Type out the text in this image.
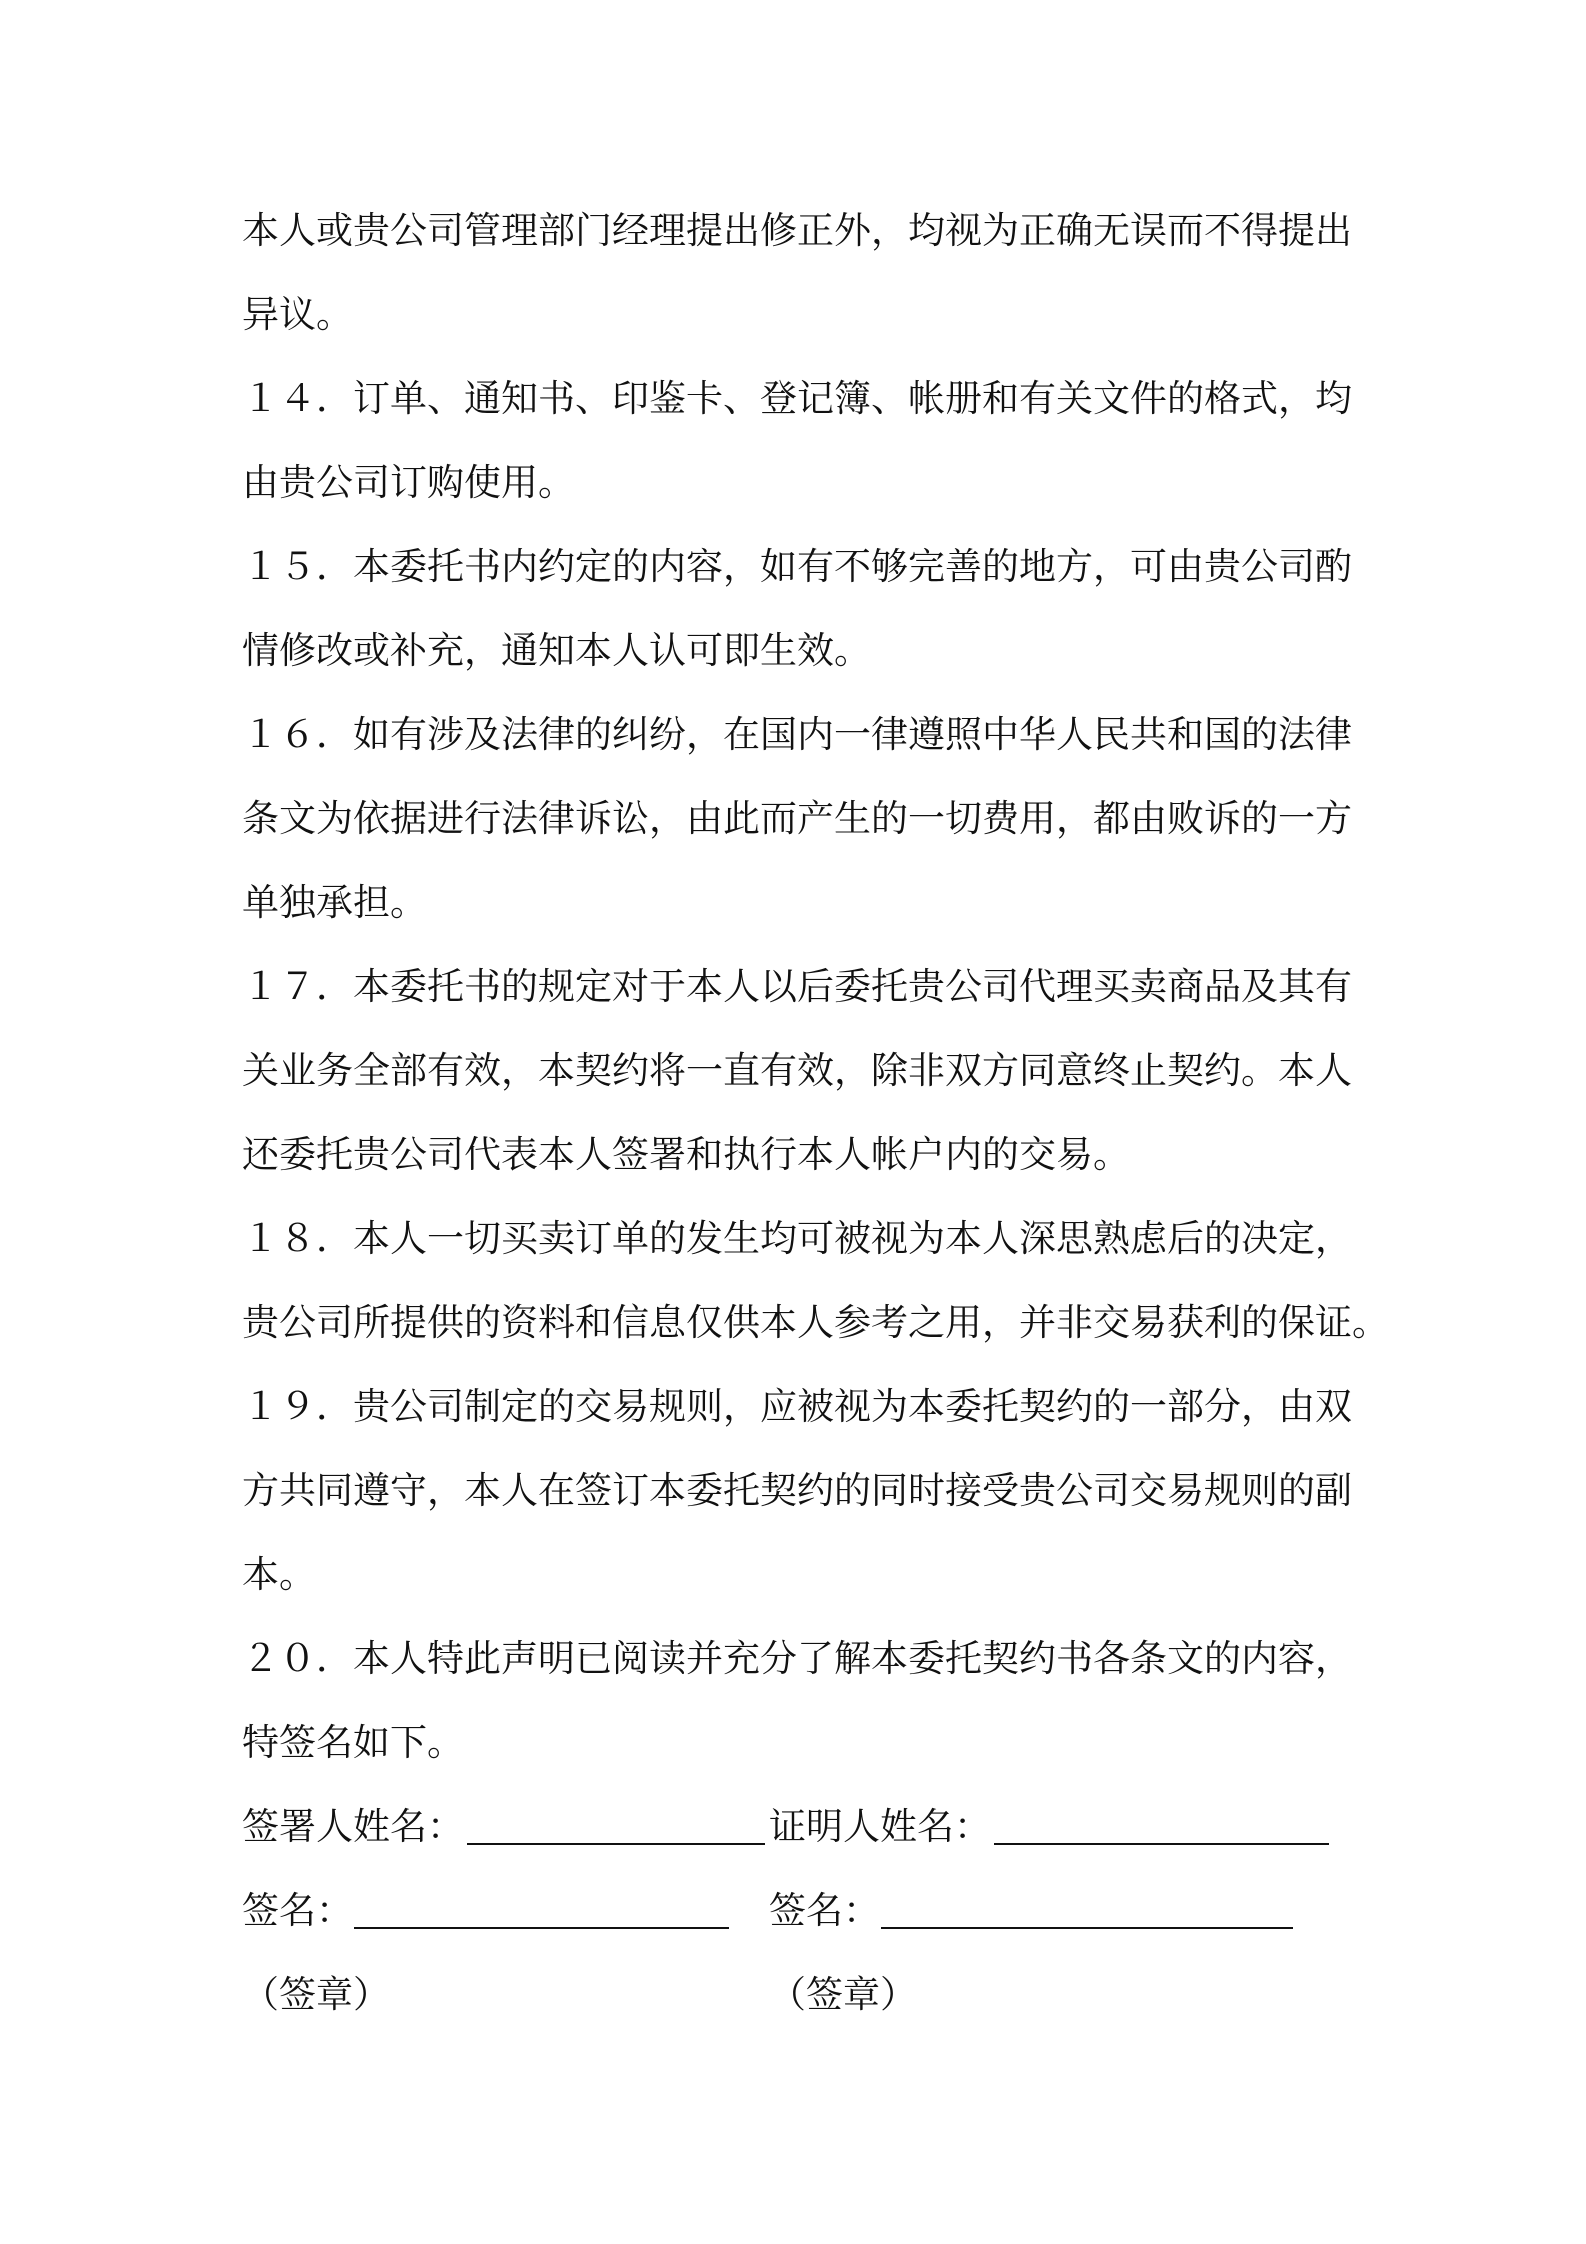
本人或贵公司管理部门经理提出修正外，均视为正确无误而不得提出
异议。
１４．订单、通知书、印鉴卡、登记簿、帐册和有关文件的格式，均
由贵公司订购使用。
１５．本委托书内约定的内容，如有不够完善的地方，可由贵公司酌
情修改或补充，通知本人认可即生效。
１６．如有涉及法律的纠纷，在国内一律遵照中华人民共和国的法律
条文为依据进行法律诉讼，由此而产生的一切费用，都由败诉的一方
单独承担。
１７．本委托书的规定对于本人以后委托贵公司代理买卖商品及其有
关业务全部有效，本契约将一直有效，除非双方同意终止契约。本人
还委托贵公司代表本人签署和执行本人帐户内的交易。
１８．本人一切买卖订单的发生均可被视为本人深思熟虑后的决定，
贵公司所提供的资料和信息仅供本人参考之用，并非交易获利的保证。
１９．贵公司制定的交易规则，应被视为本委托契约的一部分，由双
方共同遵守，本人在签订本委托契约的同时接受贵公司交易规则的副
本。
２０．本人特此声明已阅读并充分了解本委托契约书各条文的内容，
特签名如下。
签署人姓名：	证明人姓名：
签名：	签名：
（签章）	（签章）
